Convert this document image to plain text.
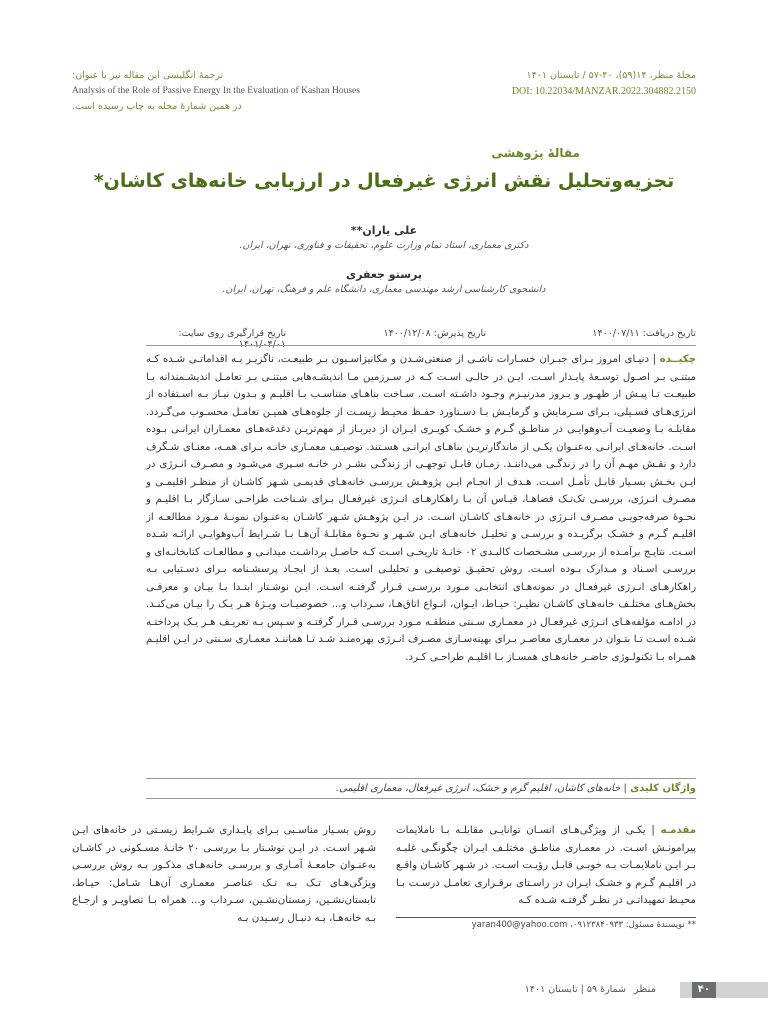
مجلۀ منظر، ۱۴(۵۹)، ۴۰-۵۷ / تابستان ۱۴۰۱
DOI: 10.22034/MANZAR.2022.304882.2150
ترجمۀ انگلیسی این مقاله نیز با عنوان:
Analysis of the Role of Passive Energy In the Evaluation of Kashan Houses
در همین شمارۀ مجله به چاپ رسیده است.
مقالۀ پژوهشی
تجزیه‌وتحلیل نقش انرژی غیرفعال در ارزیابی خانه‌های کاشان*
علی یاران**
دکتری معماری، استاد تمام وزارت علوم، تحقیقات و فناوری، تهران، ایران.
پرستو جعفری
دانشجوی کارشناسی ارشد مهندسی معماری، دانشگاه علم و فرهنگ، تهران، ایران.
تاریخ دریافت: ۱۴۰۰/۰۷/۱۱
تاریخ پذیرش: ۱۴۰۰/۱۲/۰۸
تاریخ قرارگیری روی سایت: ۱۴۰۱/۰۴/۰۱
چکیــده | دنیـای امروز بـرای جبـران خسـارات ناشـی از صنعتی‌شـدن و مکانیزاسـیون بـر طبیعـت، ناگزیـر بـه اقداماتـی شـده کـه مبتنـی بـر اصـول توسـعۀ پایـدار اسـت. ایـن در حالـی اسـت کـه در سـرزمین مـا اندیشـه‌هایی مبتنـی بـر تعامـل اندیشـمندانه بـا طبیعـت تـا پیـش از ظهـور و بـروز مدرنیـزم وجـود داشـته اسـت. سـاخت بناهـای متناسـب بـا اقلیـم و بـدون نیـاز بـه اسـتفاده از انرژی‌هـای فسـیلی، بـرای سـرمایش و گرمایـش بـا دسـتاورد حفـظ محیـط زیسـت از جلوه‌هـای همیـن تعامـل محسـوب می‌گـردد. مقابلـه بـا وضعیـت آب‌وهوایـی در مناطـق گـرم و خشـک کویـری ایـران از دیربـاز از مهم‌تریـن دغدغه‌هـای معمـاران ایرانـی بـوده اسـت. خانه‌هـای ایرانـی به‌عنـوان یکـی از ماندگارتریـن بناهـای ایرانـی هسـتند. توصیـف معمـاری خانـه بـرای همـه، معنـای شـگرف دارد و نقـش مهـم آن را در زندگـی می‌داننـد. زمـان قابـل توجهـی از زندگـی بشـر در خانـه سـپری می‌شـود و مصـرف انـرژی در ایـن بخـش بسـیار قابـل تأمـل اسـت. هـدف از انجـام ایـن پژوهـش بررسـی خانه‌هـای قدیمـی شـهر کاشـان از منظـر اقلیمـی و مصـرف انـرژی، بررسـی تک‌تـک فضاهـا، قیـاس آن بـا راهکارهـای انـرژی غیرفعـال بـرای شـناخت طراحـی سـازگار بـا اقلیـم و نحـوۀ صرفه‌جویـی مصـرف انـرژی در خانه‌هـای کاشـان اسـت. در ایـن پژوهـش شـهر کاشـان به‌عنـوان نمونـۀ مـورد مطالعـه از اقلیـم گـرم و خشـک برگزیـده و بررسـی و تحلیـل خانه‌هـای ایـن شـهر و نحـوۀ مقابلـۀ آن‌هـا بـا شـرایط آب‌وهوایـی ارائـه شـده اسـت. نتایـج برآمـده از بررسـی مشـخصات کالبـدی ۰۲ خانـۀ تاریخـی اسـت کـه حاصـل برداشـت میدانـی و مطالعـات کتابخانـه‌ای و بررسـی اسـناد و مـدارک بـوده اسـت. روش تحقیـق توصیفـی و تحلیلـی اسـت. بعـد از ایجـاد پرسشـنامه بـرای دسـتیابی بـه راهکارهـای انـرژی غیرفعـال در نمونه‌هـای انتخابـی مـورد بررسـی قـرار گرفتـه اسـت. ایـن نوشـتار ابتـدا بـا بیـان و معرفـی بخش‌هـای مختلـف خانه‌هـای کاشـان نظیـر: حیـاط، ایـوان، انـواع اتاق‌هـا، سـرداب و... خصوصیـات ویـژۀ هـر یـک را بیـان می‌کنـد. در ادامـه مؤلفه‌هـای انـرژی غیرفعـال در معمـاری سـنتی منطقـه مـورد بررسـی قـرار گرفتـه و سـپس بـه تعریـف هـر یـک پرداختـه شـده اسـت تـا بتـوان در معمـاری معاصـر بـرای بهینه‌سـازی مصـرف انـرژی بهره‌منـد شـد تـا هماننـد معمـاری سـنتی در ایـن اقلیـم همـراه بـا تکنولـوژی حاضـر خانه‌هـای همسـاز بـا اقلیـم طراحـی کـرد.
واژگان کلیدی | خانه‌های کاشان، اقلیم گرم و خشک، انرژی غیرفعال، معماری اقلیمی.
مقدمـه | یکـی از ویژگی‌هـای انسـان توانایـی مقابلـه بـا ناملایمات پیرامونـش اسـت. در معمـاری مناطـق مختلـف ایـران چگونگـی غلبـه بـر ایـن ناملایمـات بـه خوبـی قابـل رؤیـت اسـت. در شـهر کاشـان واقـع در اقلیـم گـرم و خشـک ایـران در راسـتای برقـراری تعامـل درسـت بـا محیـط تمهیداتـی در نظـر گرفتـه شـده کـه
روش بسـیار مناسـبی بـرای پایـداری شـرایط زیسـتی در خانه‌های ایـن شـهر اسـت. در ایـن نوشـتار بـا بررسـی ۲۰ خانـۀ مسـکونی در کاشـان به‌عنـوان جامعـۀ آمـاری و بررسـی خانه‌هـای مذکـور بـه روش بررسـی ویژگی‌هـای تـک بـه تـک عناصـر معمـاری آن‌هـا شـامل: حیـاط، تابستان‌نشـین، زمستان‌نشـین، سـرداب و... همراه بـا تصاویـر و ارجـاع بـه خانه‌هـا، بـه دنبـال رسـیدن بـه
** نویسندۀ مسئول: ۰۹۱۲۳۸۴۰۹۳۳، yaran400@yahoo.com
۴۰
منظر
شمارۀ ۵۹ | تابستان ۱۴۰۱
